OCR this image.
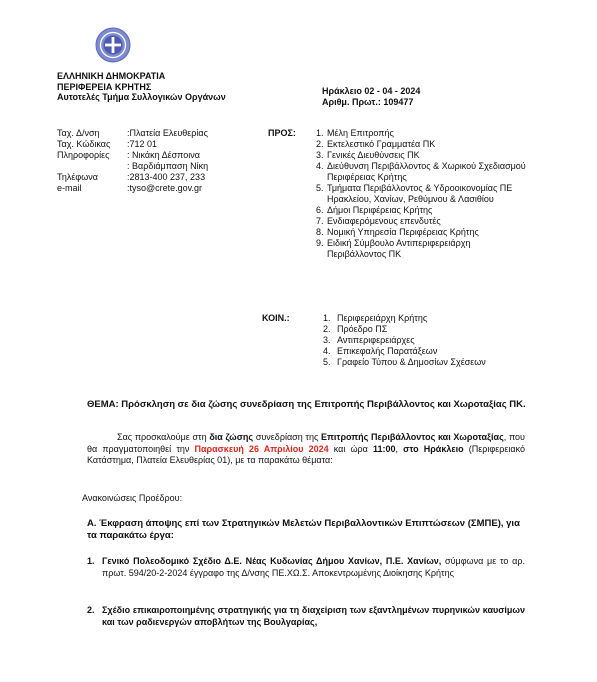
ΕΛΛΗΝΙΚΗ ΔΗΜΟΚΡΑΤΙΑ
ΠΕΡΙΦΕΡΕΙΑ ΚΡΗΤΗΣ
Αυτοτελές Τμήμα Συλλογικών Οργάνων
Ηράκλειο 02 - 04 - 2024
Αριθμ. Πρωτ.: 109477
Ταχ. Δ/νση	:Πλατεία Ελευθερίας
Ταχ. Κώδικας	:712 01
Πληροφορίες	: Νικάκη Δέσποινα
: Βαρδιάμπαση Νίκη
Τηλέφωνα	:2813-400 237, 233
e-mail	:tyso@crete.gov.gr
ΠΡΟΣ: 1. Μέλη Επιτροπής
2. Εκτελεστικό Γραμματέα ΠΚ
3. Γενικές Διευθύνσεις ΠΚ
4. Διεύθυνση Περιβάλλοντος & Χωρικού Σχεδιασμού Περιφέρειας Κρήτης
5. Τμήματα Περιβάλλοντος & Υδροοικονομίας ΠΕ Ηρακλείου, Χανίων, Ρεθύμνου & Λασιθίου
6. Δήμοι Περιφέρειας Κρήτης
7. Ενδιαφερόμενους επενδυτές
8. Νομική Υπηρεσία Περιφέρειας Κρήτης
9. Ειδική Σύμβουλο Αντιπεριφερειάρχη Περιβάλλοντος ΠΚ
ΚΟΙΝ.:	1. Περιφερειάρχη Κρήτης
2. Πρόεδρο ΠΣ
3. Αντιπεριφερειάρχες
4. Επικεφαλής Παρατάξεων
5. Γραφείο Τύπου & Δημοσίων Σχέσεων
ΘΕΜΑ: Πρόσκληση σε δια ζώσης συνεδρίαση της Επιτροπής Περιβάλλοντος και Χωροταξίας ΠΚ.
Σας προσκαλούμε στη δια ζώσης συνεδρίαση της Επιτροπής Περιβάλλοντος και Χωροταξίας, που θα πραγματοποιηθεί την Παρασκευή 26 Απριλίου 2024 και ώρα 11:00, στο Ηράκλειο (Περιφερειακό Κατάστημα, Πλατεία Ελευθερίας 01), με τα παρακάτω θέματα:
Ανακοινώσεις Προέδρου:
Α. Έκφραση άποψης επί των Στρατηγικών Μελετών Περιβαλλοντικών Επιπτώσεων (ΣΜΠΕ), για τα παρακάτω έργα:
1. Γενικό Πολεοδομικό Σχέδιο Δ.Ε. Νέας Κυδωνίας Δήμου Χανίων, Π.Ε. Χανίων, σύμφωνα με το αρ. πρωτ. 594/20-2-2024 έγγραφο της Δ/νσης ΠΕ.ΧΩ.Σ. Αποκεντρωμένης Διοίκησης Κρήτης
2. Σχέδιο επικαιροποιημένης στρατηγικής για τη διαχείριση των εξαντλημένων πυρηνικών καυσίμων και των ραδιενεργών αποβλήτων της Βουλγαρίας,
